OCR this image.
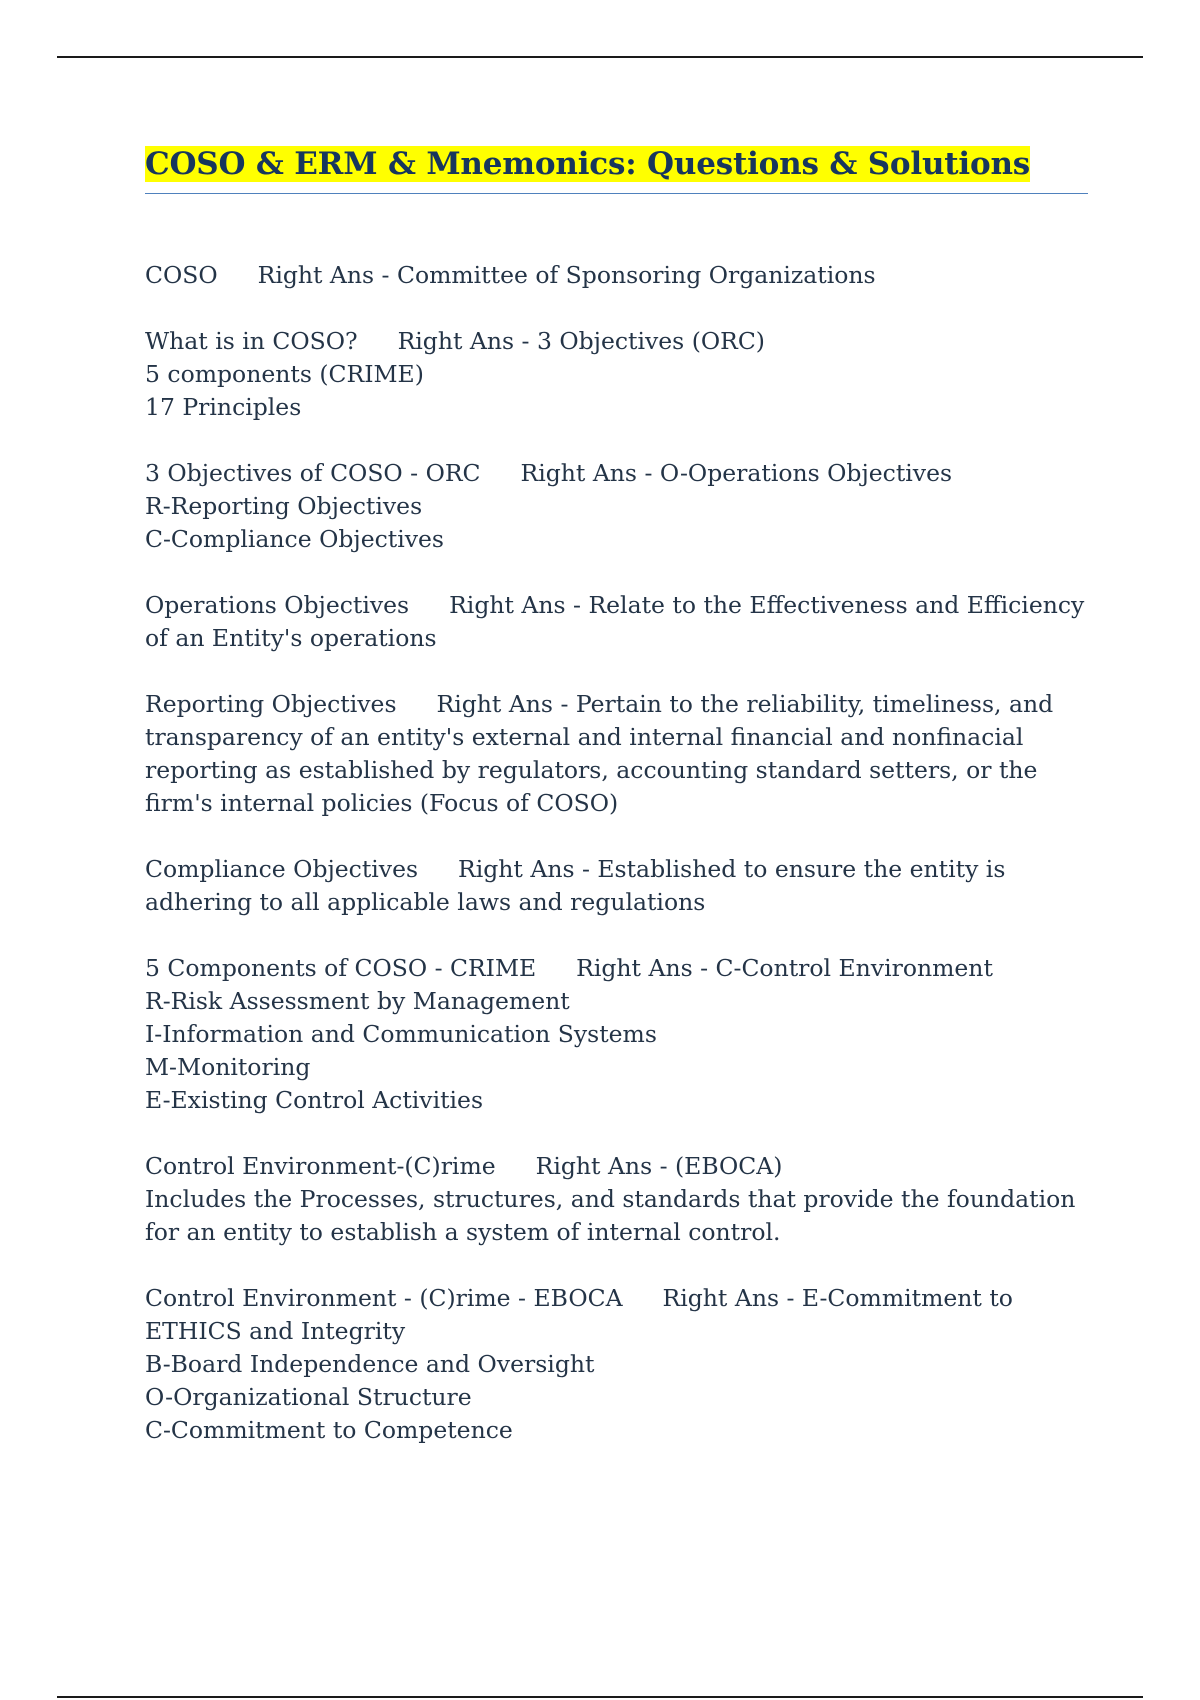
COSO & ERM & Mnemonics: Questions & Solutions
COSO Right Ans - Committee of Sponsoring Organizations
What is in COSO? Right Ans - 3 Objectives (ORC)
5 components (CRIME)
17 Principles
3 Objectives of COSO - ORC Right Ans - O-Operations Objectives
R-Reporting Objectives
C-Compliance Objectives
Operations Objectives Right Ans - Relate to the Effectiveness and Efficiency of an Entity's operations
Reporting Objectives Right Ans - Pertain to the reliability, timeliness, and transparency of an entity's external and internal financial and nonfinacial reporting as established by regulators, accounting standard setters, or the firm's internal policies (Focus of COSO)
Compliance Objectives Right Ans - Established to ensure the entity is adhering to all applicable laws and regulations
5 Components of COSO - CRIME Right Ans - C-Control Environment
R-Risk Assessment by Management
I-Information and Communication Systems
M-Monitoring
E-Existing Control Activities
Control Environment-(C)rime Right Ans - (EBOCA)
Includes the Processes, structures, and standards that provide the foundation for an entity to establish a system of internal control.
Control Environment - (C)rime - EBOCA Right Ans - E-Commitment to ETHICS and Integrity
B-Board Independence and Oversight
O-Organizational Structure
C-Commitment to Competence
